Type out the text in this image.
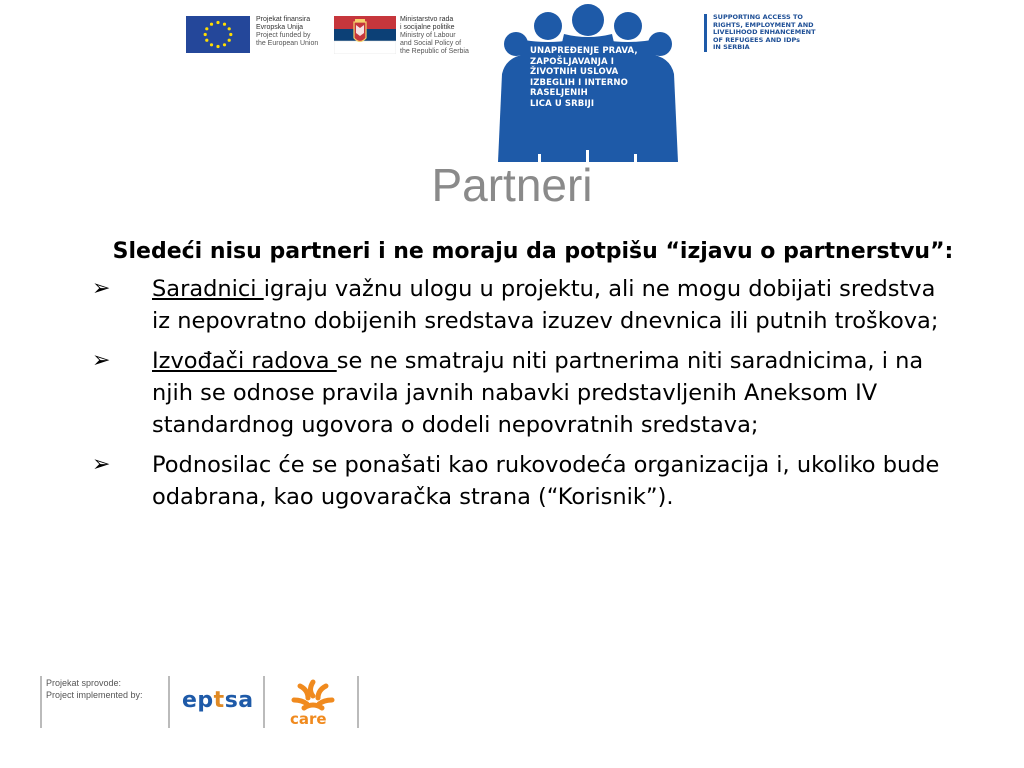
Projekat finansira
Evropska Unija
Project funded by
the European Union
Ministarstvo rada
i socijalne politike
Ministry of Labour
and Social Policy of
the Republic of Serbia	UNAPREĐENJE PRAVA,
ZAPOŠLJAVANJA I
ŽIVOTNIH USLOVA
IZBEGLIH I INTERNO
RASELJENIH
LICA U SRBIJI
SUPPORTING ACCESS TO
RIGHTS, EMPLOYMENT AND
LIVELIHOOD ENHANCEMENT
OF REFUGEES AND IDPs
IN SERBIA
Partneri
Sledeći nisu partneri i ne moraju da potpišu “izjavu o partnerstvu”:
➢	Saradnici igraju važnu ulogu u projektu, ali ne mogu dobijati sredstva iz nepovratno dobijenih sredstava izuzev dnevnica ili putnih troškova;
➢	Izvođači radova se ne smatraju niti partnerima niti saradnicima, i na njih se odnose pravila javnih nabavki predstavljenih Aneksom IV standardnog ugovora o dodeli nepovratnih sredstava;
➢	Podnosilac će se ponašati kao rukovodeća organizacija i, ukoliko bude odabrana, kao ugovaračka strana (“Korisnik”).
Projekat sprovode:
Project implemented by: eptsa
care
